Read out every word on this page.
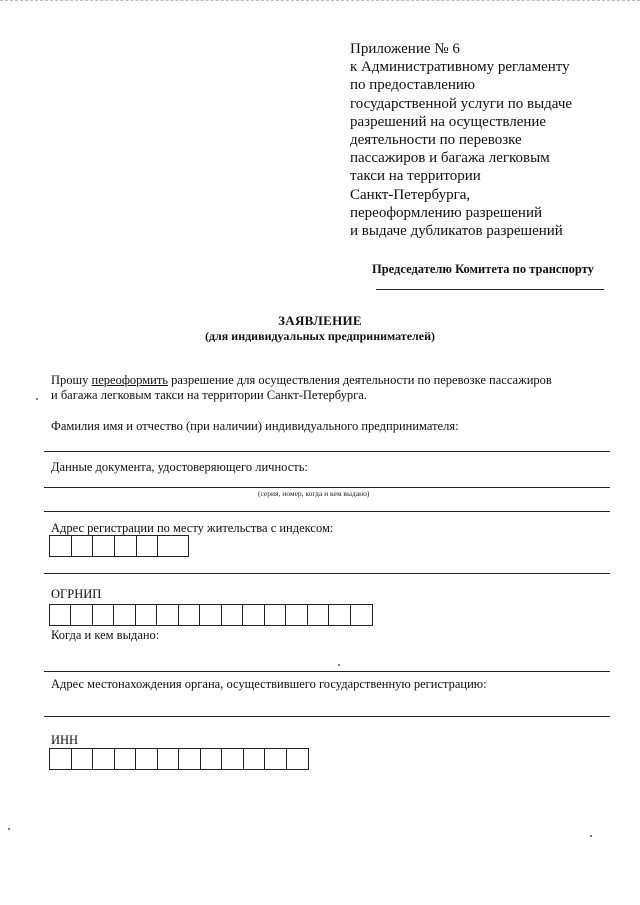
Приложение № 6
к Административному регламенту
по предоставлению
государственной услуги по выдаче
разрешений на осуществление
деятельности по перевозке
пассажиров и багажа легковым
такси на территории
Санкт-Петербурга,
переоформлению разрешений
и выдаче дубликатов разрешений
Председателю Комитета по транспорту
ЗАЯВЛЕНИЕ
(для индивидуальных предпринимателей)
Прошу переоформить разрешение для осуществления деятельности по перевозке пассажиров
и багажа легковым такси на территории Санкт-Петербурга.
Фамилия имя и отчество (при наличии) индивидуального предпринимателя:
Данные документа, удостоверяющего личность:
(серия, номер, когда и кем выдано)
Адрес регистрации по месту жительства с индексом:
ОГРНИП
Когда и кем выдано:
Адрес местонахождения органа, осуществившего государственную регистрацию:
ИНН
